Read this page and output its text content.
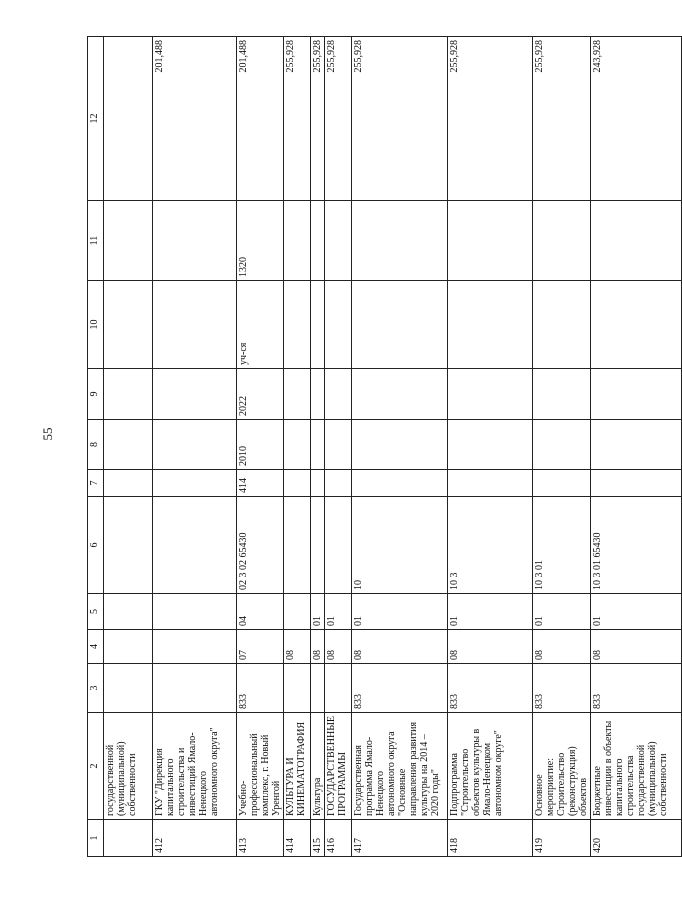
55
1	2	3	4	5	6	7	8	9	10	11	12
	государственной (муниципальной) собственности										
412	ГКУ "Дирекция капитального строительства и инвестиций Ямало-Ненецкого автономного округа"										201,488
413	Учебно-профессиональный комплекс, г. Новый Уренгой	833	07	04	02 3 02 65430	414	2010	2022	уч-ся	1320	201,488
414	КУЛЬТУРА И КИНЕМАТОГРАФИЯ		08								255,928
415	Культура		08	01							255,928
416	ГОСУДАРСТВЕННЫЕ ПРОГРАММЫ		08	01							255,928
417	Государственная программа Ямало-Ненецкого автономного округа "Основные направления развития культуры на 2014 – 2020 годы"	833	08	01	10						255,928
418	Подпрограмма "Строительство объектов культуры в Ямало-Ненецком автономном округе"	833	08	01	10 3						255,928
419	Основное мероприятие: Строительство (реконструкция) объектов	833	08	01	10 3 01						255,928
420	Бюджетные инвестиции в объекты капитального строительства государственной (муниципальной) собственности	833	08	01	10 3 01 65430						243,928
